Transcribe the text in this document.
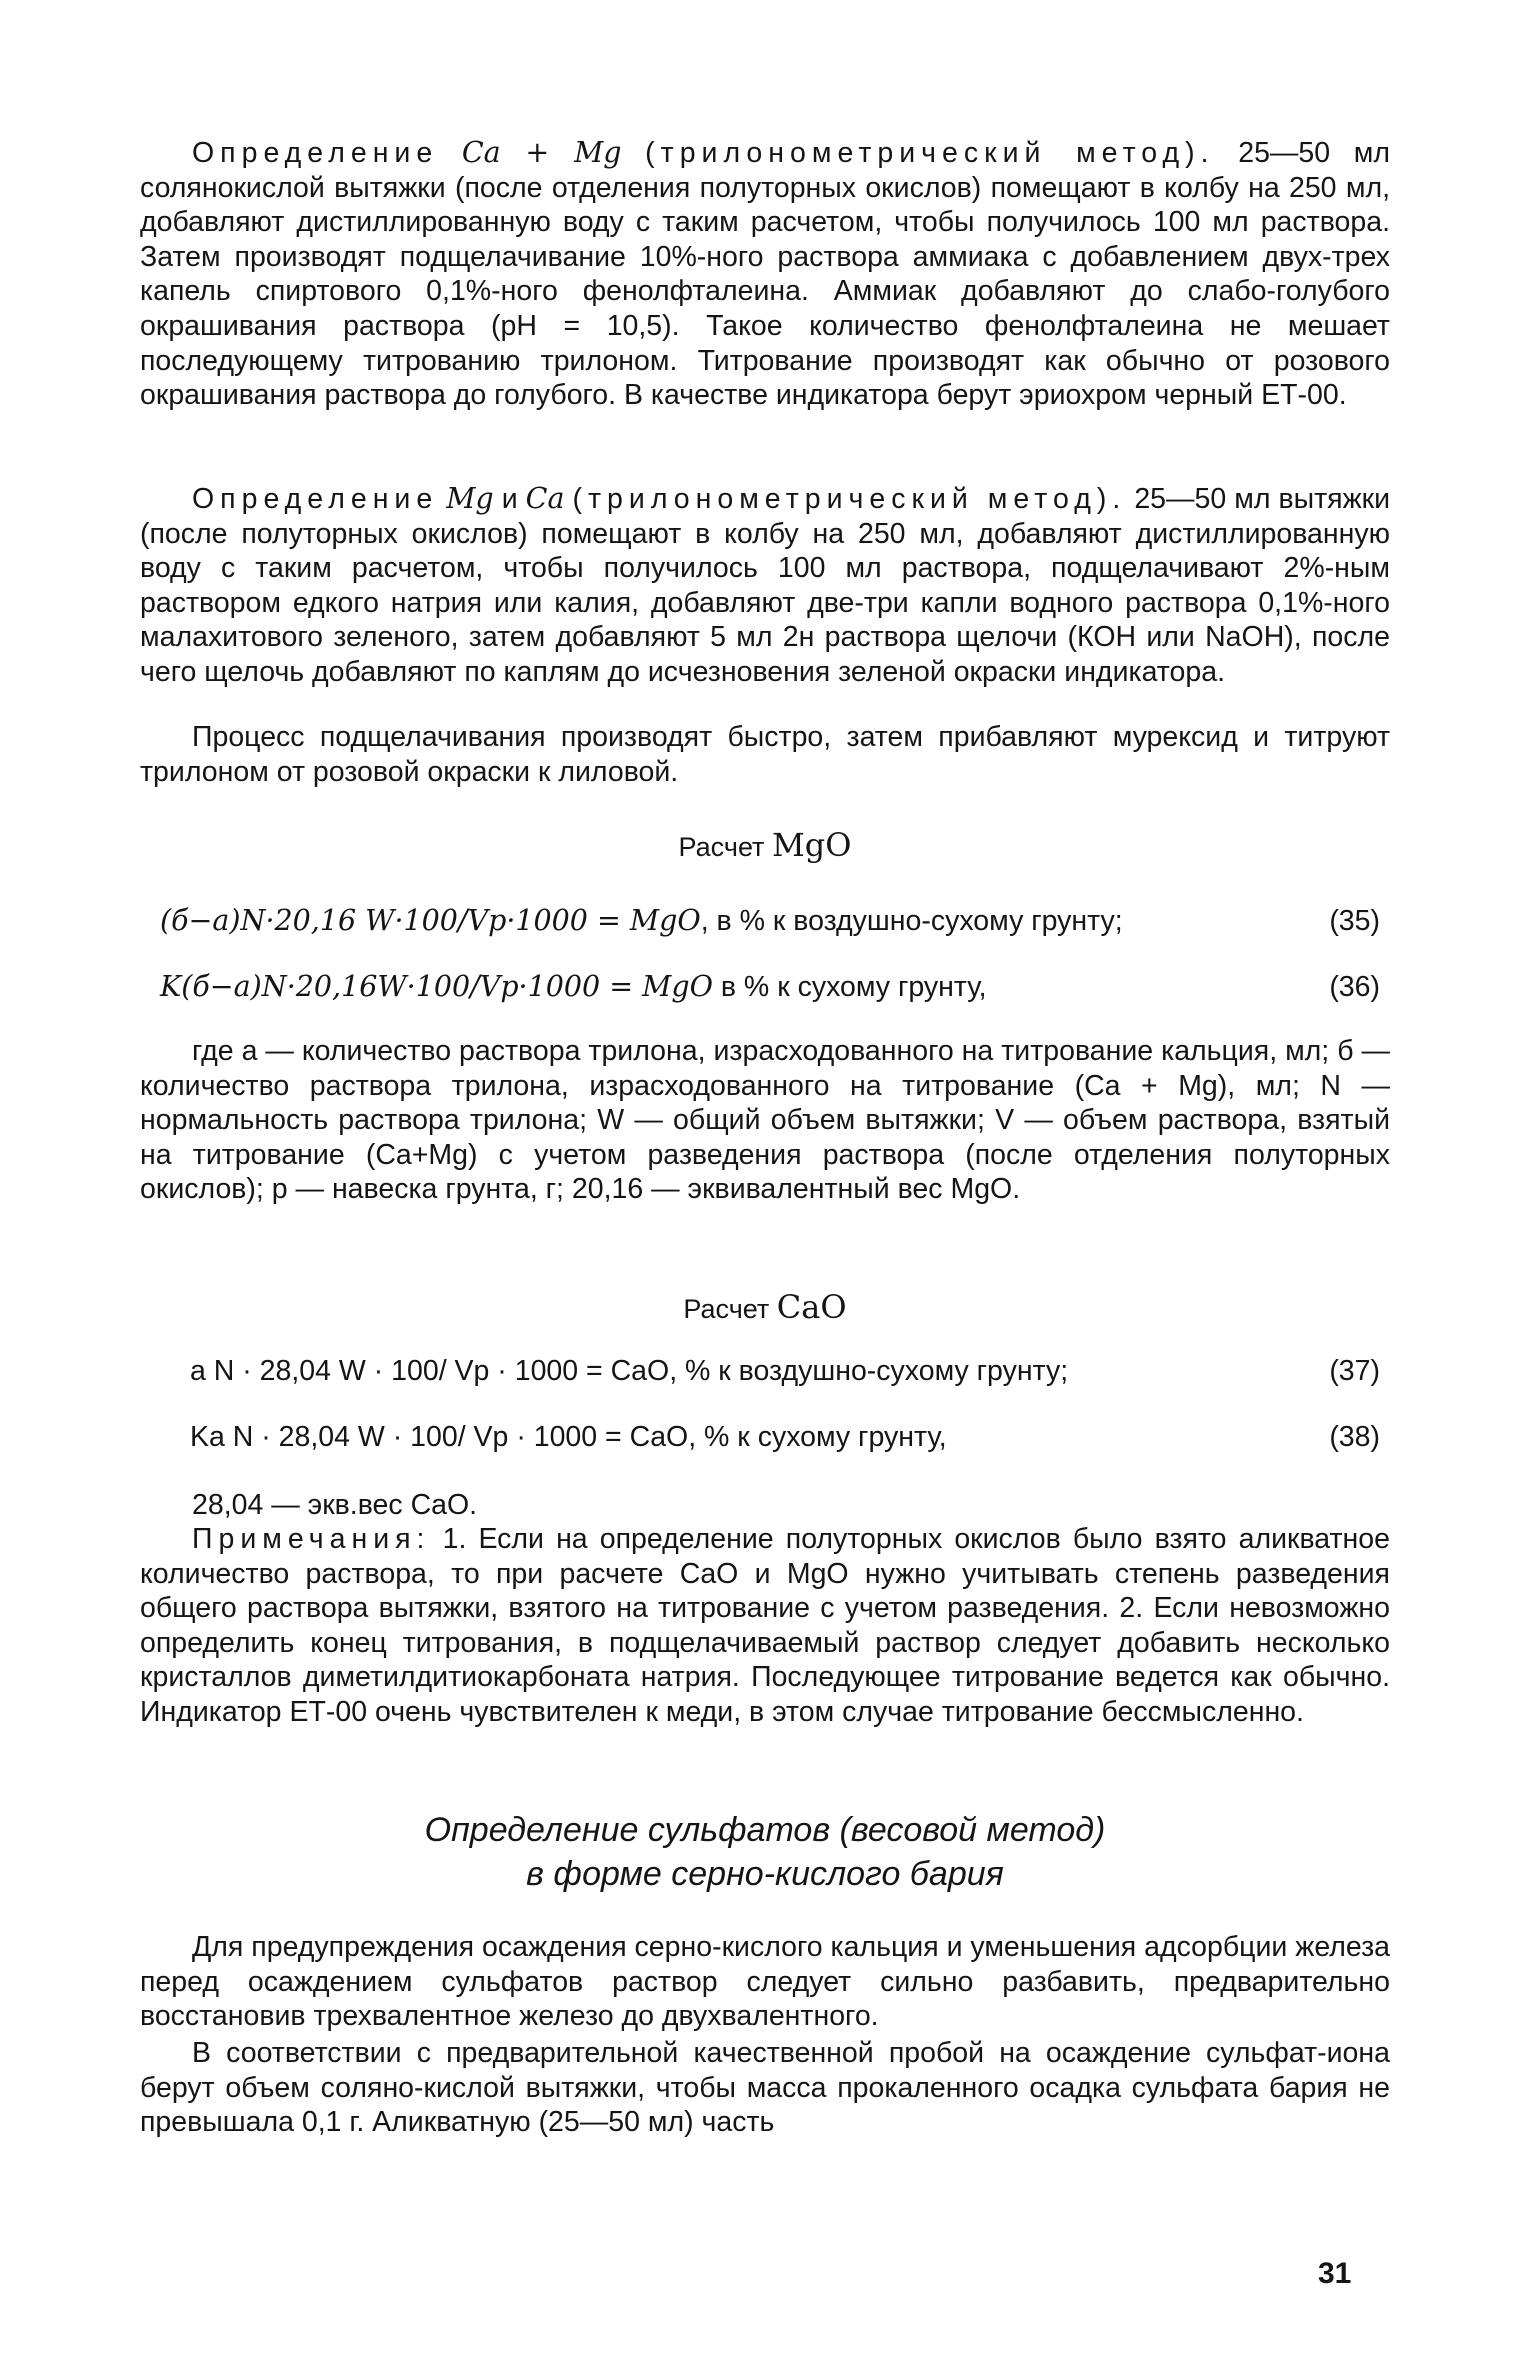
Определение Ca + Mg (трилонометрический метод). 25—50 мл солянокислой вытяжки (после отделения полуторных окислов) помещают в колбу на 250 мл, добавляют дистиллированную воду с таким расчетом, чтобы получилось 100 мл раствора. Затем производят подщелачивание 10%-ного раствора аммиака с добавлением двух-трех капель спиртового 0,1%-ного фенолфталеина. Аммиак добавляют до слабо-голубого окрашивания раствора (pH = 10,5). Такое количество фенолфталеина не мешает последующему титрованию трилоном. Титрование производят как обычно от розового окрашивания раствора до голубого. В качестве индикатора берут эриохром черный ЕТ-00.

Определение Mg и Ca (трилонометрический метод). 25—50 мл вытяжки (после полуторных окислов) помещают в колбу на 250 мл, добавляют дистиллированную воду с таким расчетом, чтобы получилось 100 мл раствора, подщелачивают 2%-ным раствором едкого натрия или калия, добавляют две-три капли водного раствора 0,1%-ного малахитового зеленого, затем добавляют 5 мл 2н раствора щелочи (КОН или NaOH), после чего щелочь добавляют по каплям до исчезновения зеленой окраски индикатора.

Процесс подщелачивания производят быстро, затем прибавляют мурексид и титруют трилоном от розовой окраски к лиловой.

Расчет MgO
(б−а)N·20,16 W·100/Vp·1000 = MgO, в % к воздушно-сухому грунту;	(35)
K(б−а)N·20,16W·100/Vp·1000 = MgO в % к сухому грунту,	(36)

где а — количество раствора трилона, израсходованного на титрование кальция, мл; б — количество раствора трилона, израсходованного на титрование (Ca + Mg), мл; N — нормальность раствора трилона; W — общий объем вытяжки; V — объем раствора, взятый на титрование (Ca+Mg) с учетом разведения раствора (после отделения полуторных окислов); p — навеска грунта, г; 20,16 — эквивалентный вес MgO.

Расчет CaO
a N · 28,04 W · 100/ Vp · 1000 = CaO, % к воздушно-сухому грунту;	(37)
Ka N · 28,04 W · 100/ Vp · 1000 = CaO, % к сухому грунту,	(38)

28,04 — экв.вес CaO.

Примечания: 1. Если на определение полуторных окислов было взято аликватное количество раствора, то при расчете CaO и MgO нужно учитывать степень разведения общего раствора вытяжки, взятого на титрование с учетом разведения. 2. Если невозможно определить конец титрования, в подщелачиваемый раствор следует добавить несколько кристаллов диметилдитиокарбоната натрия. Последующее титрование ведется как обычно. Индикатор ЕТ-00 очень чувствителен к меди, в этом случае титрование бессмысленно.

Определение сульфатов (весовой метод)
в форме серно-кислого бария

Для предупреждения осаждения серно-кислого кальция и уменьшения адсорбции железа перед осаждением сульфатов раствор следует сильно разбавить, предварительно восстановив трехвалентное железо до двухвалентного.

В соответствии с предварительной качественной пробой на осаждение сульфат-иона берут объем соляно-кислой вытяжки, чтобы масса прокаленного осадка сульфата бария не превышала 0,1 г. Аликватную (25—50 мл) часть

31
